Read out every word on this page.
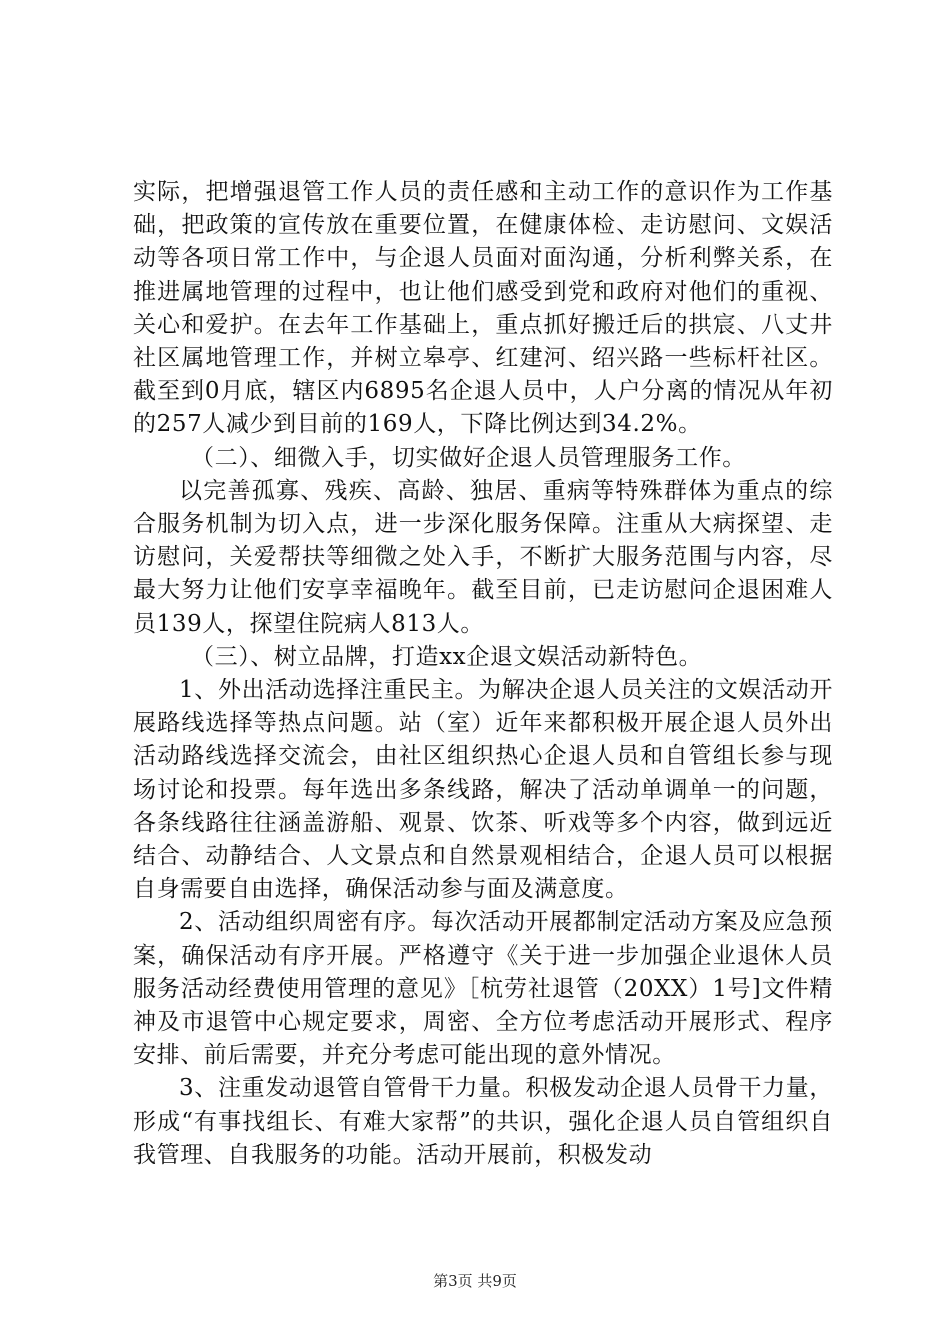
实际，把增强退管工作人员的责任感和主动工作的意识作为工作基础，把政策的宣传放在重要位置，在健康体检、走访慰问、文娱活动等各项日常工作中，与企退人员面对面沟通，分析利弊关系，在推进属地管理的过程中，也让他们感受到党和政府对他们的重视、关心和爱护。在去年工作基础上，重点抓好搬迁后的拱宸、八丈井社区属地管理工作，并树立皋亭、红建河、绍兴路一些标杆社区。截至到0月底，辖区内6895名企退人员中，人户分离的情况从年初的257人减少到目前的169人，下降比例达到34.2%。

（二）、细微入手，切实做好企退人员管理服务工作。

以完善孤寡、残疾、高龄、独居、重病等特殊群体为重点的综合服务机制为切入点，进一步深化服务保障。注重从大病探望、走访慰问，关爱帮扶等细微之处入手，不断扩大服务范围与内容，尽最大努力让他们安享幸福晚年。截至目前，已走访慰问企退困难人员139人，探望住院病人813人。

（三）、树立品牌，打造xx企退文娱活动新特色。

1、外出活动选择注重民主。为解决企退人员关注的文娱活动开展路线选择等热点问题。站（室）近年来都积极开展企退人员外出活动路线选择交流会，由社区组织热心企退人员和自管组长参与现场讨论和投票。每年选出多条线路，解决了活动单调单一的问题，各条线路往往涵盖游船、观景、饮茶、听戏等多个内容，做到远近结合、动静结合、人文景点和自然景观相结合，企退人员可以根据自身需要自由选择，确保活动参与面及满意度。

2、活动组织周密有序。每次活动开展都制定活动方案及应急预案，确保活动有序开展。严格遵守《关于进一步加强企业退休人员服务活动经费使用管理的意见》［杭劳社退管（20XX）1号]文件精神及市退管中心规定要求，周密、全方位考虑活动开展形式、程序安排、前后需要，并充分考虑可能出现的意外情况。

3、注重发动退管自管骨干力量。积极发动企退人员骨干力量，形成“有事找组长、有难大家帮”的共识，强化企退人员自管组织自我管理、自我服务的功能。活动开展前，积极发动

第3页 共9页
